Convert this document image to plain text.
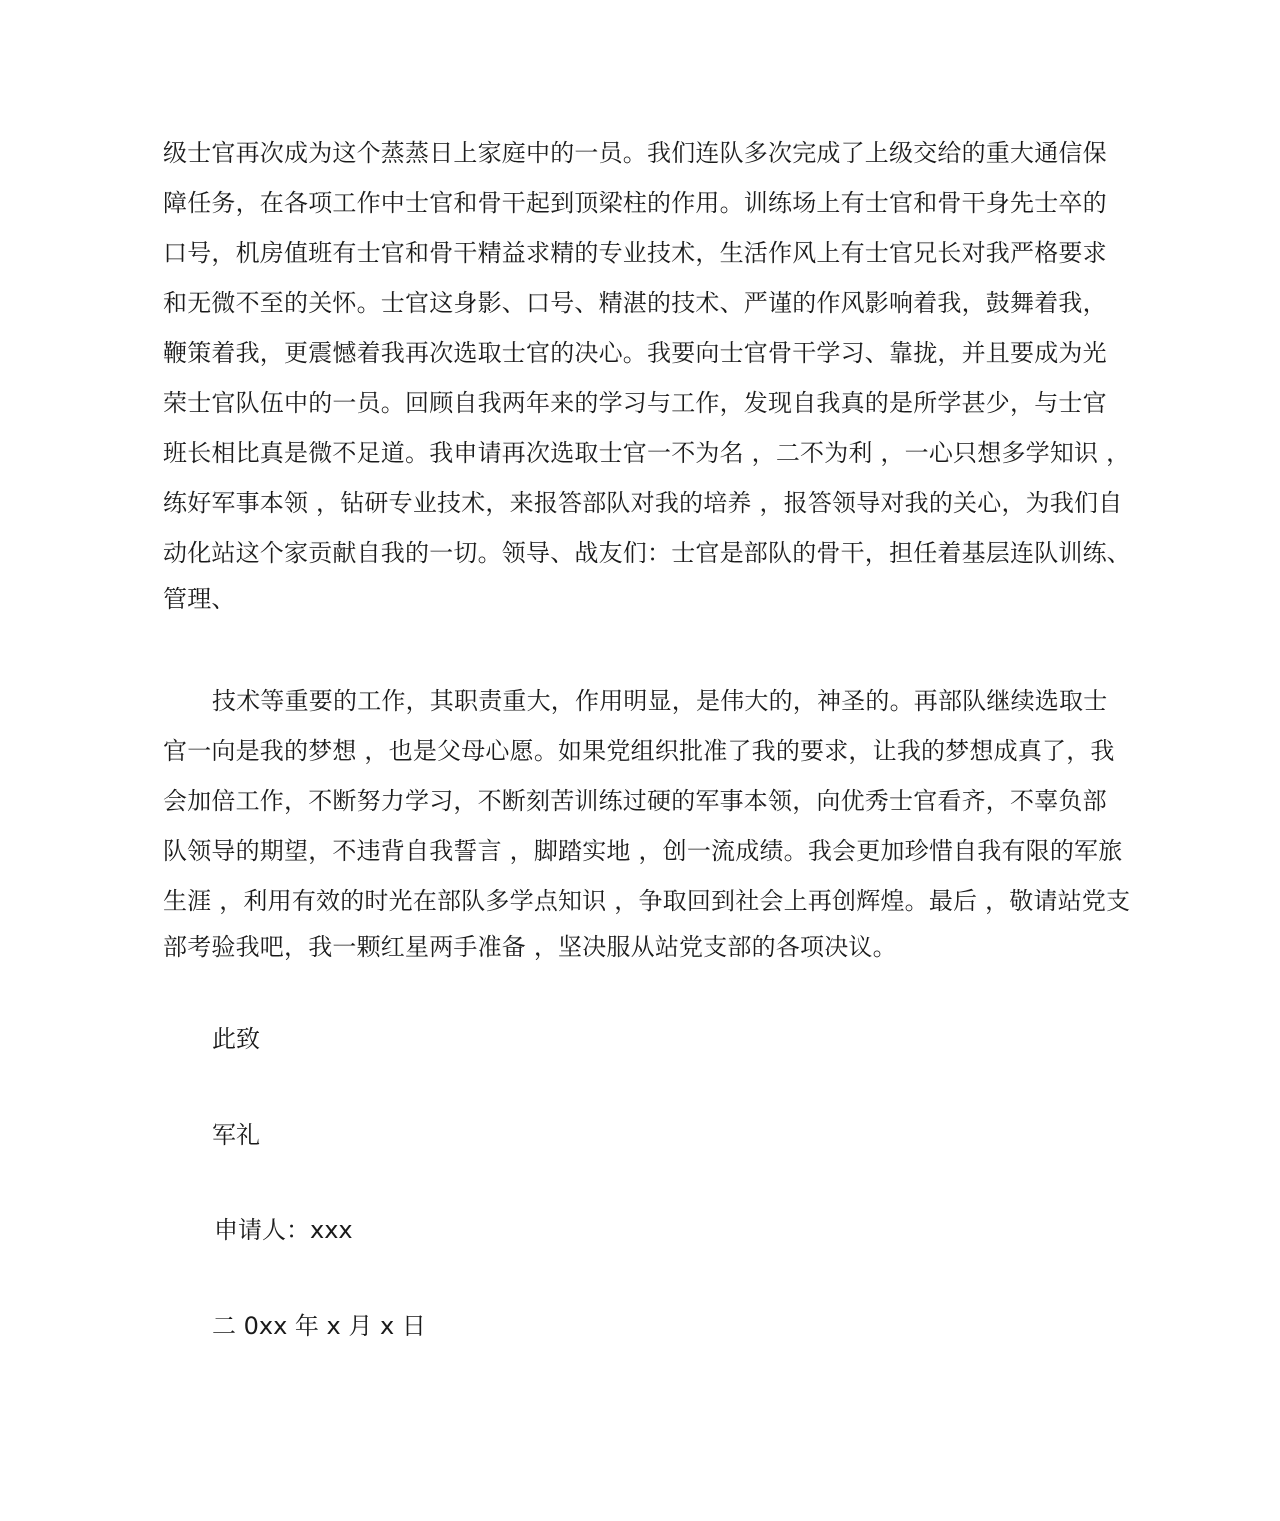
级士官再次成为这个蒸蒸日上家庭中的一员。我们连队多次完成了上级交给的重大通信保
障任务，在各项工作中士官和骨干起到顶梁柱的作用。训练场上有士官和骨干身先士卒的
口号，机房值班有士官和骨干精益求精的专业技术，生活作风上有士官兄长对我严格要求
和无微不至的关怀。士官这身影、口号、精湛的技术、严谨的作风影响着我，鼓舞着我，
鞭策着我，更震憾着我再次选取士官的决心。我要向士官骨干学习、靠拢，并且要成为光
荣士官队伍中的一员。回顾自我两年来的学习与工作，发现自我真的是所学甚少，与士官
班长相比真是微不足道。我申请再次选取士官一不为名 ，二不为利 ，一心只想多学知识 ，
练好军事本领 ，钻研专业技术，来报答部队对我的培养 ，报答领导对我的关心，为我们自
动化站这个家贡献自我的一切。领导、战友们：士官是部队的骨干，担任着基层连队训练、
管理、
技术等重要的工作，其职责重大，作用明显，是伟大的，神圣的。再部队继续选取士
官一向是我的梦想 ，也是父母心愿。如果党组织批准了我的要求，让我的梦想成真了，我
会加倍工作，不断努力学习，不断刻苦训练过硬的军事本领，向优秀士官看齐，不辜负部
队领导的期望，不违背自我誓言 ，脚踏实地 ，创一流成绩。我会更加珍惜自我有限的军旅
生涯 ，利用有效的时光在部队多学点知识 ，争取回到社会上再创辉煌。最后 ，敬请站党支
部考验我吧，我一颗红星两手准备 ，坚决服从站党支部的各项决议。
此致
军礼
申请人：xxx
二 0xx 年 x 月 x 日
